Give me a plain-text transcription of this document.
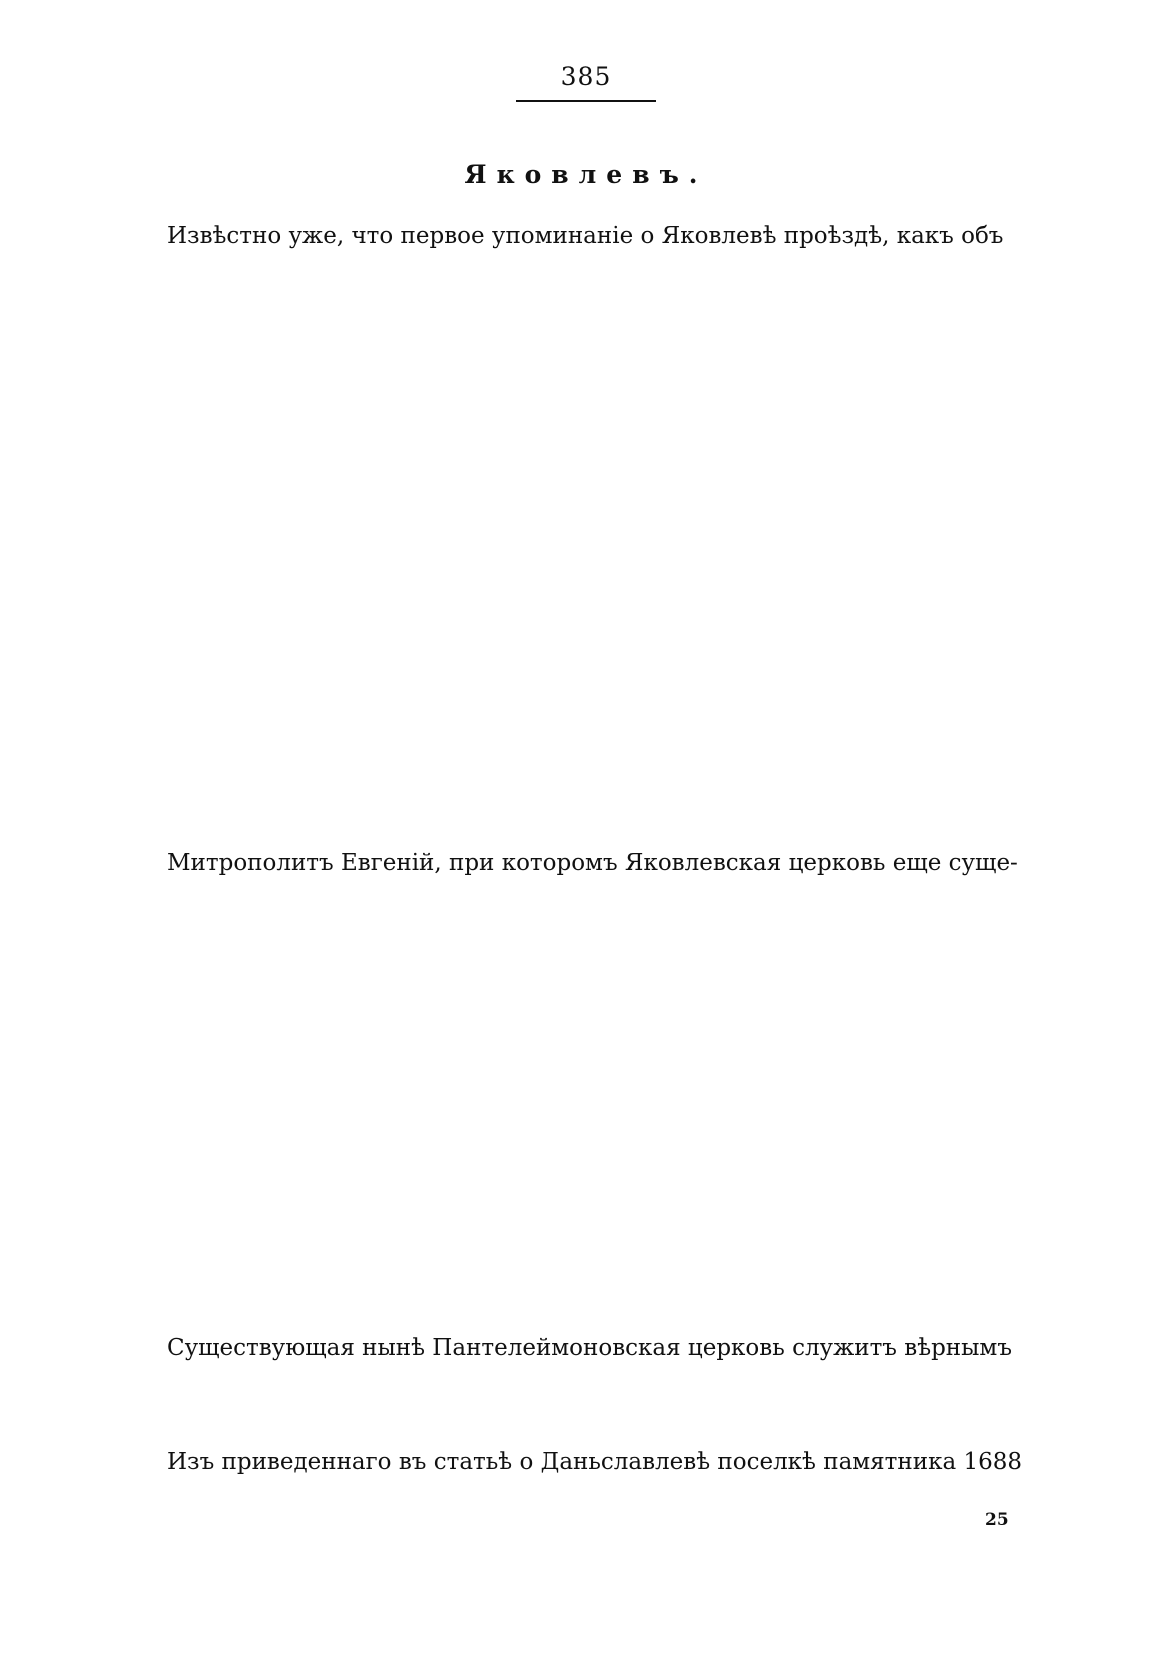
385
Яковлевъ.
Извѣстно уже, что первое упоминаніе о Яковлевѣ проѣздѣ, какъ объ
Митрополитъ Евгеній, при которомъ Яковлевская церковь еще суще-
Существующая нынѣ Пантелеймоновская церковь служитъ вѣрнымъ
Изъ приведеннаго въ статьѣ о Даньславлевѣ поселкѣ памятника 1688
25
